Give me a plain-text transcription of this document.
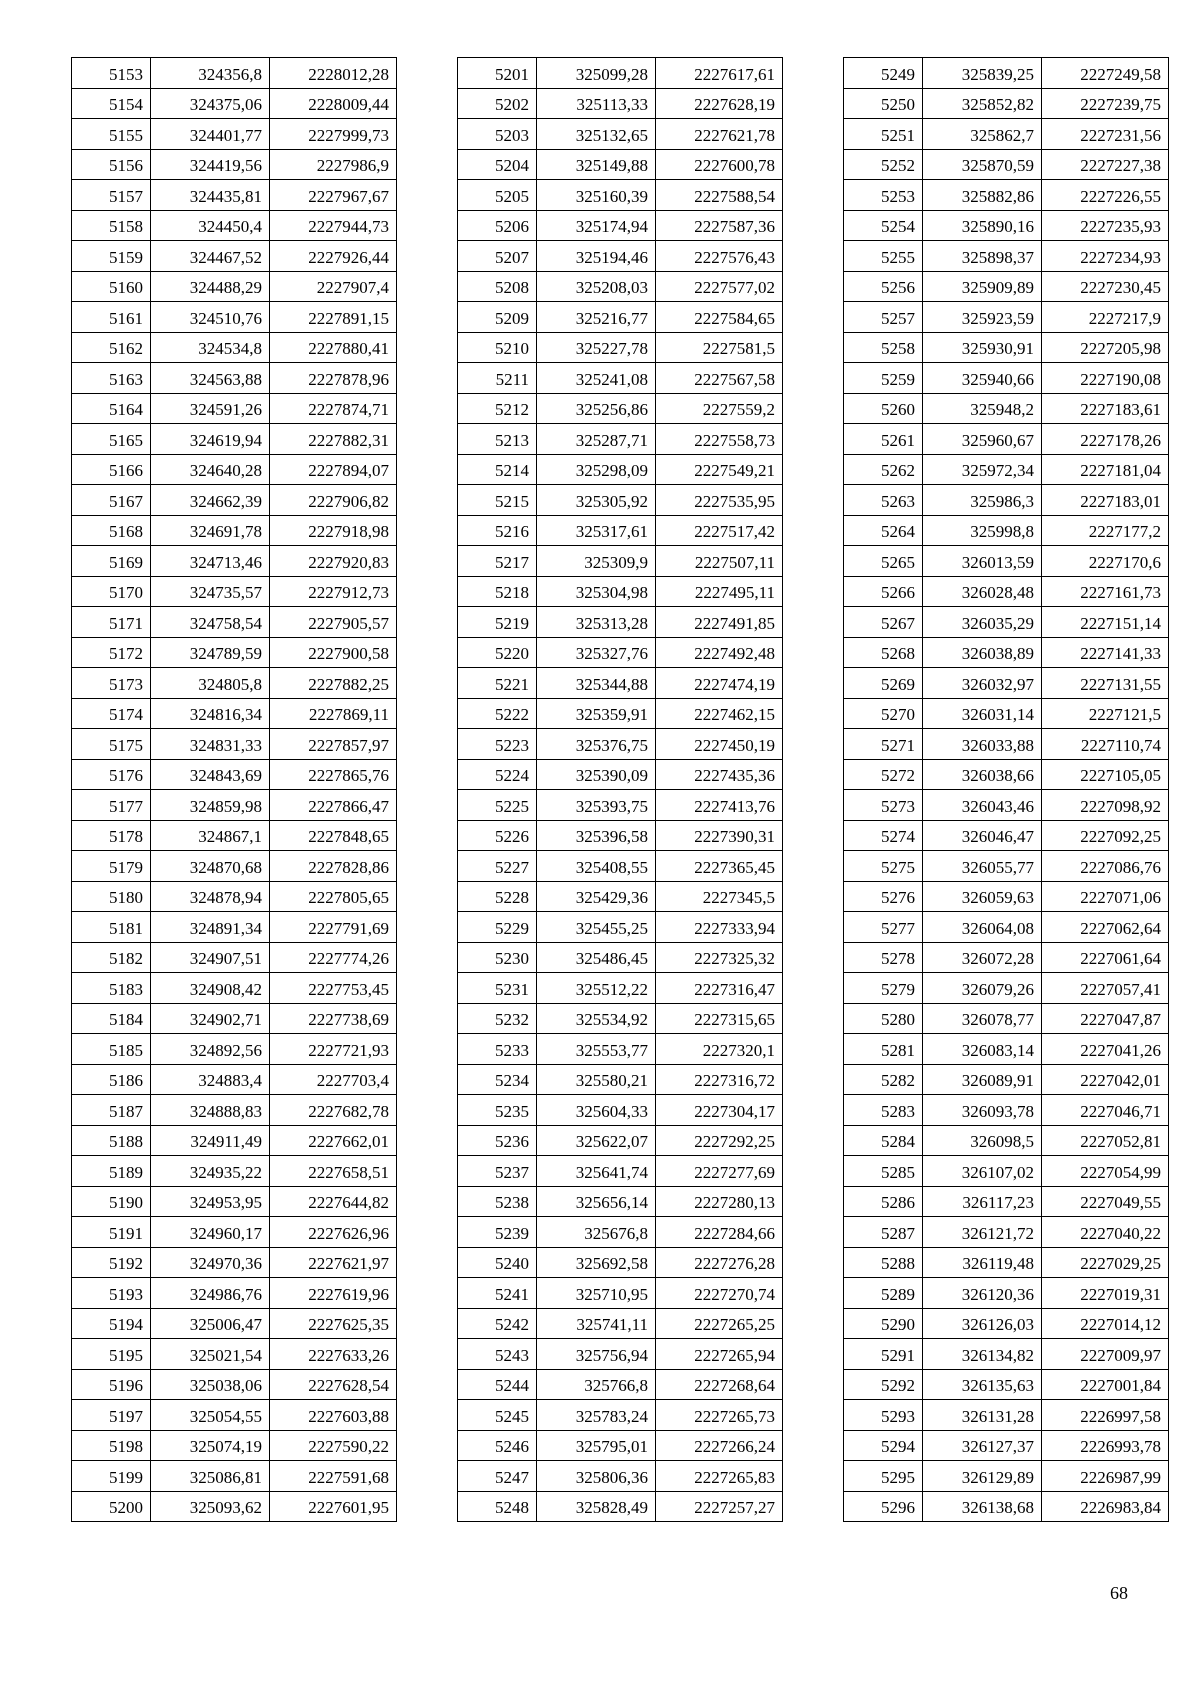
5153	324356,8	2228012,28
5154	324375,06	2228009,44
5155	324401,77	2227999,73
5156	324419,56	2227986,9
5157	324435,81	2227967,67
5158	324450,4	2227944,73
5159	324467,52	2227926,44
5160	324488,29	2227907,4
5161	324510,76	2227891,15
5162	324534,8	2227880,41
5163	324563,88	2227878,96
5164	324591,26	2227874,71
5165	324619,94	2227882,31
5166	324640,28	2227894,07
5167	324662,39	2227906,82
5168	324691,78	2227918,98
5169	324713,46	2227920,83
5170	324735,57	2227912,73
5171	324758,54	2227905,57
5172	324789,59	2227900,58
5173	324805,8	2227882,25
5174	324816,34	2227869,11
5175	324831,33	2227857,97
5176	324843,69	2227865,76
5177	324859,98	2227866,47
5178	324867,1	2227848,65
5179	324870,68	2227828,86
5180	324878,94	2227805,65
5181	324891,34	2227791,69
5182	324907,51	2227774,26
5183	324908,42	2227753,45
5184	324902,71	2227738,69
5185	324892,56	2227721,93
5186	324883,4	2227703,4
5187	324888,83	2227682,78
5188	324911,49	2227662,01
5189	324935,22	2227658,51
5190	324953,95	2227644,82
5191	324960,17	2227626,96
5192	324970,36	2227621,97
5193	324986,76	2227619,96
5194	325006,47	2227625,35
5195	325021,54	2227633,26
5196	325038,06	2227628,54
5197	325054,55	2227603,88
5198	325074,19	2227590,22
5199	325086,81	2227591,68
5200	325093,62	2227601,95
5201	325099,28	2227617,61
5202	325113,33	2227628,19
5203	325132,65	2227621,78
5204	325149,88	2227600,78
5205	325160,39	2227588,54
5206	325174,94	2227587,36
5207	325194,46	2227576,43
5208	325208,03	2227577,02
5209	325216,77	2227584,65
5210	325227,78	2227581,5
5211	325241,08	2227567,58
5212	325256,86	2227559,2
5213	325287,71	2227558,73
5214	325298,09	2227549,21
5215	325305,92	2227535,95
5216	325317,61	2227517,42
5217	325309,9	2227507,11
5218	325304,98	2227495,11
5219	325313,28	2227491,85
5220	325327,76	2227492,48
5221	325344,88	2227474,19
5222	325359,91	2227462,15
5223	325376,75	2227450,19
5224	325390,09	2227435,36
5225	325393,75	2227413,76
5226	325396,58	2227390,31
5227	325408,55	2227365,45
5228	325429,36	2227345,5
5229	325455,25	2227333,94
5230	325486,45	2227325,32
5231	325512,22	2227316,47
5232	325534,92	2227315,65
5233	325553,77	2227320,1
5234	325580,21	2227316,72
5235	325604,33	2227304,17
5236	325622,07	2227292,25
5237	325641,74	2227277,69
5238	325656,14	2227280,13
5239	325676,8	2227284,66
5240	325692,58	2227276,28
5241	325710,95	2227270,74
5242	325741,11	2227265,25
5243	325756,94	2227265,94
5244	325766,8	2227268,64
5245	325783,24	2227265,73
5246	325795,01	2227266,24
5247	325806,36	2227265,83
5248	325828,49	2227257,27
5249	325839,25	2227249,58
5250	325852,82	2227239,75
5251	325862,7	2227231,56
5252	325870,59	2227227,38
5253	325882,86	2227226,55
5254	325890,16	2227235,93
5255	325898,37	2227234,93
5256	325909,89	2227230,45
5257	325923,59	2227217,9
5258	325930,91	2227205,98
5259	325940,66	2227190,08
5260	325948,2	2227183,61
5261	325960,67	2227178,26
5262	325972,34	2227181,04
5263	325986,3	2227183,01
5264	325998,8	2227177,2
5265	326013,59	2227170,6
5266	326028,48	2227161,73
5267	326035,29	2227151,14
5268	326038,89	2227141,33
5269	326032,97	2227131,55
5270	326031,14	2227121,5
5271	326033,88	2227110,74
5272	326038,66	2227105,05
5273	326043,46	2227098,92
5274	326046,47	2227092,25
5275	326055,77	2227086,76
5276	326059,63	2227071,06
5277	326064,08	2227062,64
5278	326072,28	2227061,64
5279	326079,26	2227057,41
5280	326078,77	2227047,87
5281	326083,14	2227041,26
5282	326089,91	2227042,01
5283	326093,78	2227046,71
5284	326098,5	2227052,81
5285	326107,02	2227054,99
5286	326117,23	2227049,55
5287	326121,72	2227040,22
5288	326119,48	2227029,25
5289	326120,36	2227019,31
5290	326126,03	2227014,12
5291	326134,82	2227009,97
5292	326135,63	2227001,84
5293	326131,28	2226997,58
5294	326127,37	2226993,78
5295	326129,89	2226987,99
5296	326138,68	2226983,84
68
